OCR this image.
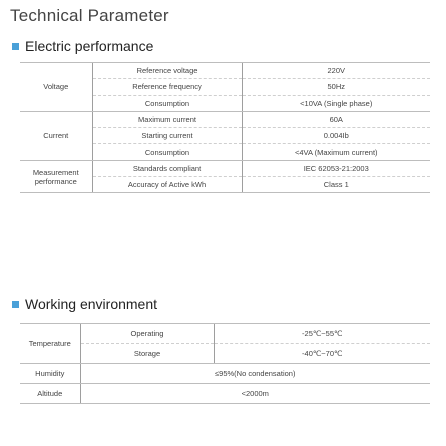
Technical Parameter
Electric performance
Voltage	Reference voltage	220V
	Reference frequency	50Hz
	Consumption	<10VA (Single phase)
Current	Maximum current	60A
	Starting current	0.004Ib
	Consumption	<4VA (Maximum current)

Measurement
performance	Standards compliant	IEC 62053-21:2003
	Accuracy of Active kWh	Class 1
Working environment
Temperature	Operating	-25℃~55℃
	Storage	-40℃~70℃
Humidity	≤95%(No condensation)	
Altitude	<2000m	
